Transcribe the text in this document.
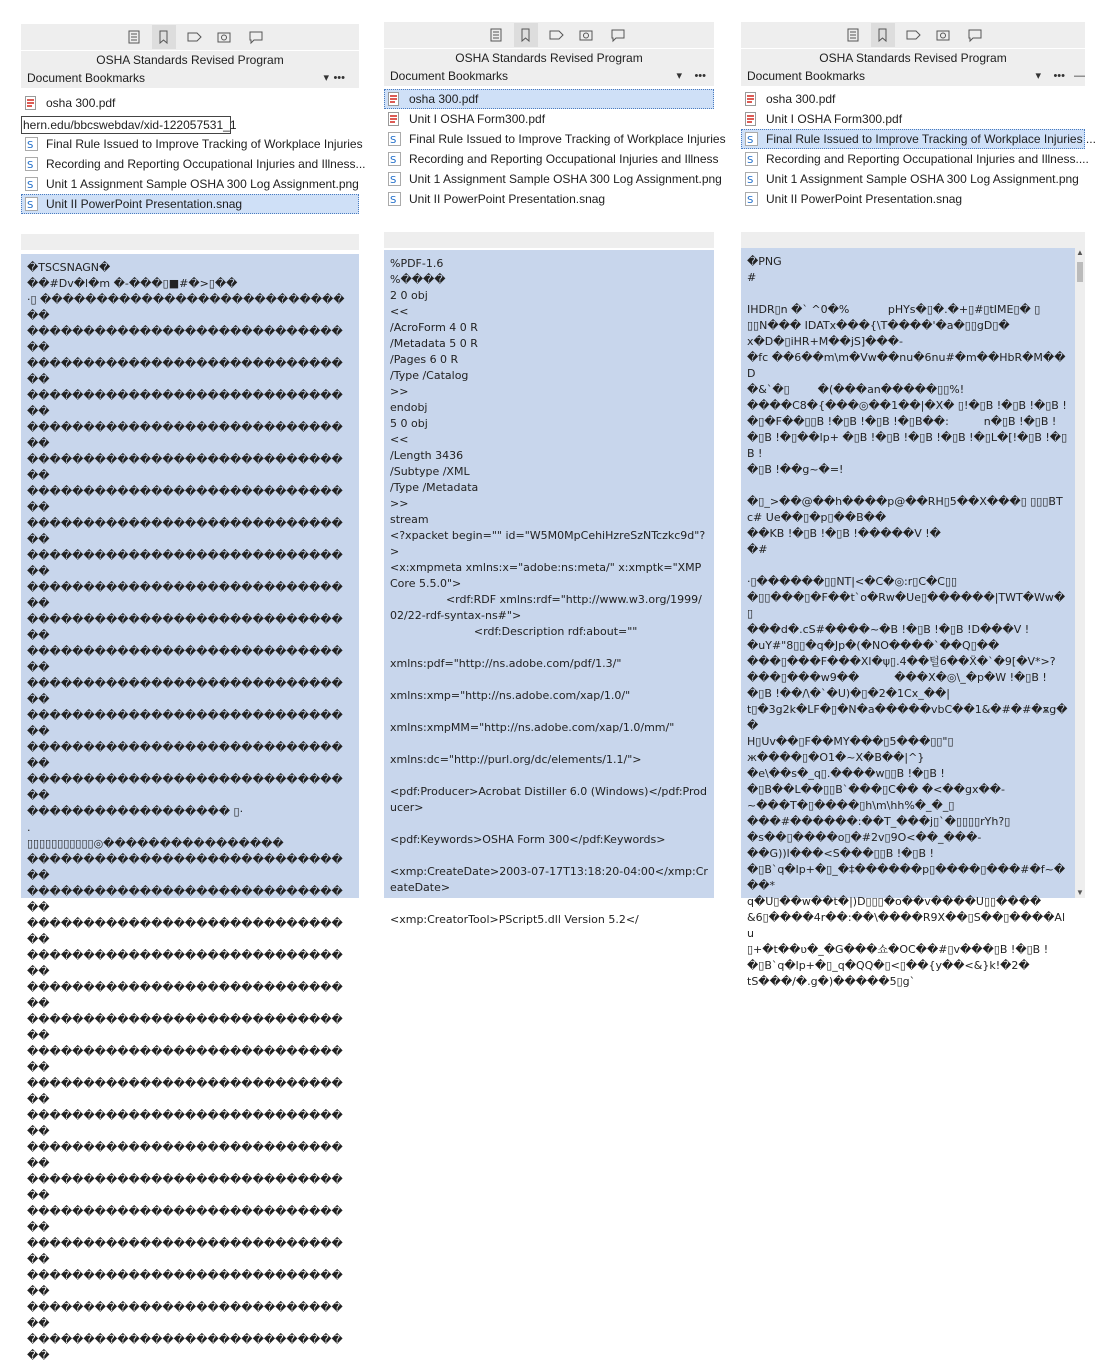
OSHA Standards Revised Program
Document Bookmarks	▾ •••
osha 300.pdf
hern.edu/bbcswebdav/xid-122057531_1
S Final Rule Issued to Improve Tracking of Workplace Injuries
S Recording and Reporting Occupational Injuries and Illness...
S Unit 1 Assignment Sample OSHA 300 Log Assignment.png
S Unit II PowerPoint Presentation.snag
�TSCSNAGN�
��#Dv�l�m �-���▯■#�>▯��
·▯ �����������������������������
������������������������������
������������������������������
������������������������������
������������������������������
������������������������������
������������������������������
������������������������������
������������������������������
������������������������������
������������������������������
������������������������������
������������������������������
������������������������������
������������������������������
������������������������������
������������������ ▯·
.
▯▯▯▯▯▯▯▯▯▯▯◎����������������
������������������������������
������������������������������
������������������������������
������������������������������
������������������������������
������������������������������
������������������������������
������������������������������
������������������������������
������������������������������
������������������������������
������������������������������
������������������������������
������������������������������
������������������������������
������������������������������
OSHA Standards Revised Program
Document Bookmarks	▾ •••
osha 300.pdf
Unit I OSHA Form300.pdf
S Final Rule Issued to Improve Tracking of Workplace Injuries
S Recording and Reporting Occupational Injuries and Illness
S Unit 1 Assignment Sample OSHA 300 Log Assignment.png
S Unit II PowerPoint Presentation.snag
%PDF-1.6
%����
2 0 obj
<<
/AcroForm 4 0 R
/Metadata 5 0 R
/Pages 6 0 R
/Type /Catalog
>>
endobj
5 0 obj
<<
/Length 3436
/Subtype /XML
/Type /Metadata
>>
stream
<?xpacket begin="" id="W5M0MpCehiHzreSzNTczkc9d"?>
<x:xmpmeta xmlns:x="adobe:ns:meta/" x:xmptk="XMP Core 5.5.0">
<rdf:RDF xmlns:rdf="http://www.w3.org/1999/02/22-rdf-syntax-ns#">
<rdf:Description rdf:about=""

xmlns:pdf="http://ns.adobe.com/pdf/1.3/"

xmlns:xmp="http://ns.adobe.com/xap/1.0/"

xmlns:xmpMM="http://ns.adobe.com/xap/1.0/mm/"

xmlns:dc="http://purl.org/dc/elements/1.1/">

<pdf:Producer>Acrobat Distiller 6.0 (Windows)</pdf:Producer>

<pdf:Keywords>OSHA Form 300</pdf:Keywords>

<xmp:CreateDate>2003-07-17T13:18:20-04:00</xmp:CreateDate>

<xmp:CreatorTool>PScript5.dll Version 5.2</
OSHA Standards Revised Program
Document Bookmarks	▾ ••• —
osha 300.pdf
Unit I OSHA Form300.pdf
S Final Rule Issued to Improve Tracking of Workplace Injuries ...
S Recording and Reporting Occupational Injuries and Illness....
S Unit 1 Assignment Sample OSHA 300 Log Assignment.png
S Unit II PowerPoint Presentation.snag
�PNG
#

IHDR▯n �` ^0�%           pHYs�▯�.�+▯#▯tIME▯� ▯
▯▯N��� IDATx���{\T����'�a�▯▯gD▯�
x�D�▯iHR+M��jS]���-
�fc ��6��m\m�Vw��nu�6nu#�m��HbR�M��D
�&`�▯        �(���an�����▯▯%!
����C8�{���◎��1��|�X� ▯!�▯B !�▯B !�▯B !
�▯�F��▯▯B !�▯B !�▯B !�▯B��:          n�▯B !�▯B !
�▯B !�▯��lp+ �▯B !�▯B !�▯B !�▯B !�▯L�[!�▯B !�▯B !
�▯B !��g~�=!

�▯_>��@��h����p@��RH▯5��X���▯ ▯▯▯BT
c# Ue��▯�p▯��B��
��KB !�▯B !�▯B !�����V !�
�#

·▯������▯▯NT|<�C�◎:r▯C�C▯▯
�▯▯���▯�F��t`o�Rw�Ue▯������|TWT�Ww�▯
���d�.cS#����~�B !�▯B !�▯B !D���V !
�uY#"8▯▯�q�Jp�(�NO����`��Q▯��
���▯���F���Xl�ψ▯.4��털6��Ẍ�`�9[�V*>?
���▯���w9��          ���X�◎\_�p�W !�▯B !
�▯B !��/\�`�U)�▯�2�1Cx_��|
t▯�3g2k�LF�▯�N�a�����vbC��1&�#�#�ѫg��
H▯Uv��▯F��MY���▯5���▯▯"▯
ж����▯�O1�~X�B��|^}
�e\��s�_q▯.����w▯▯B !�▯B !
�▯B��L��▯▯B`���▯C�� �<��gx��-
~���T�▯����▯h\m\hh%�_�_▯
���#������:��T_���j▯`�▯▯▯▯rYh?▯
�s��▯����o▯�#2v▯9O<��_���-
��G))l���<S���▯▯B !�▯B !
�▯B`q�lp+�▯_�‡������p▯����▯���#�f~���*
q�U▯��w��t�|)D▯▯▯�o��v����U▯▯����
&6▯����4r��:��\����R9X��▯S��▯����Alu
▯+�t��ʋ�_�G���쇼�OC��#▯v���▯B !�▯B !
�▯B`q�lp+�▯_q�QQ�▯<▯��{y��<&}k!�2�
tS���/�.g�)�����5▯g`
▲
▼
